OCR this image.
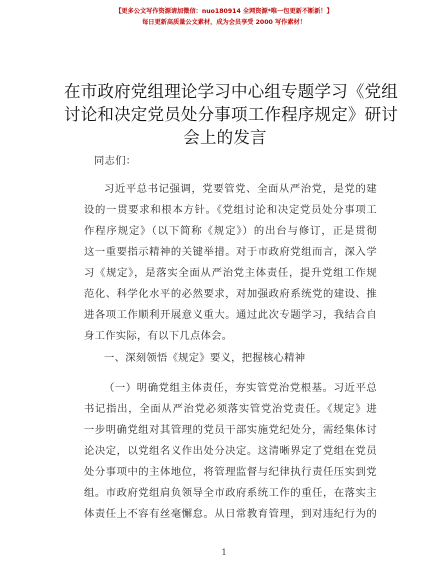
【更多公文写作资源请加微信：nuo180914 全网资源*唯一包更新不断新！】
每日更新高质量公文素材，成为会员享受 2000 写作素材！
在市政府党组理论学习中心组专题学习《党组
讨论和决定党员处分事项工作程序规定》研讨
会上的发言
同志们：
习近平总书记强调，党要管党、全面从严治党，是党的建
设的一贯要求和根本方针。《党组讨论和决定党员处分事项工
作程序规定》（以下简称《规定》）的出台与修订，正是贯彻
这一重要指示精神的关键举措。对于市政府党组而言，深入学
习《规定》，是落实全面从严治党主体责任，提升党组工作规
范化、科学化水平的必然要求，对加强政府系统党的建设、推
进各项工作顺利开展意义重大。通过此次专题学习，我结合自
身工作实际，有以下几点体会。
一、深刻领悟《规定》要义，把握核心精神
（一）明确党组主体责任，夯实管党治党根基。习近平总
书记指出，全面从严治党必须落实管党治党责任。《规定》进
一步明确党组对其管理的党员干部实施党纪处分，需经集体讨
论决定，以党组名义作出处分决定。这清晰界定了党组在党员
处分事项中的主体地位，将管理监督与纪律执行责任压实到党
组。市政府党组肩负领导全市政府系统工作的重任，在落实主
体责任上不容有丝毫懈怠。从日常教育管理，到对违纪行为的
1
